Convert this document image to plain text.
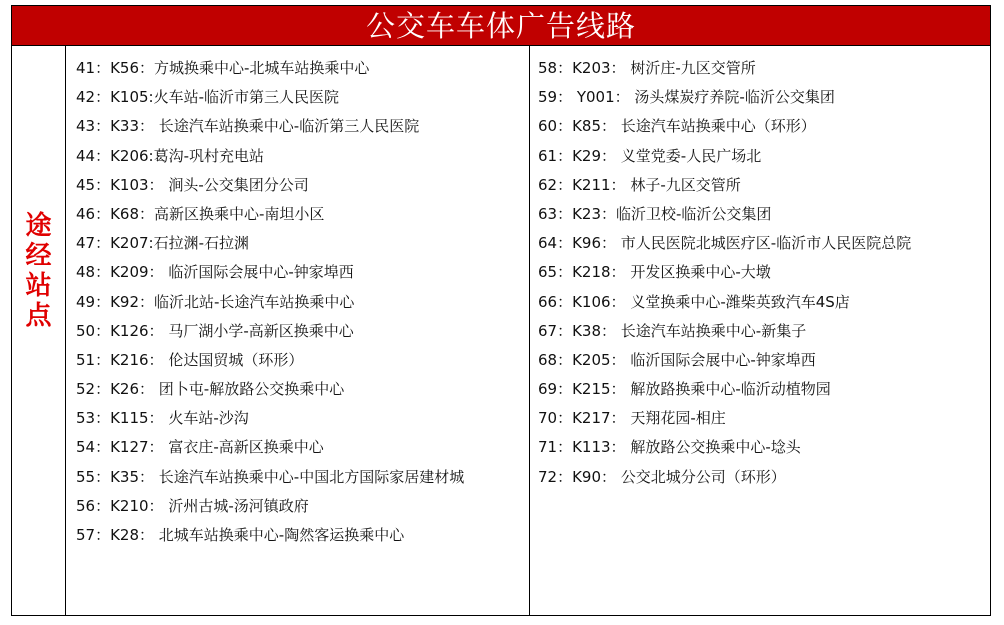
公交车车体广告线路
途
经
站
点
41：K56：方城换乘中心-北城车站换乘中心
42：K105:火车站-临沂市第三人民医院
43：K33： 长途汽车站换乘中心-临沂第三人民医院
44：K206:葛沟-巩村充电站
45：K103： 涧头-公交集团分公司
46：K68：高新区换乘中心-南坦小区
47：K207:石拉渊-石拉渊
48：K209： 临沂国际会展中心-钟家埠西
49：K92：临沂北站-长途汽车站换乘中心
50：K126： 马厂湖小学-高新区换乘中心
51：K216： 伦达国贸城（环形）
52：K26： 团卜屯-解放路公交换乘中心
53：K115： 火车站-沙沟
54：K127： 富衣庄-高新区换乘中心
55：K35： 长途汽车站换乘中心-中国北方国际家居建材城
56：K210： 沂州古城-汤河镇政府
57：K28： 北城车站换乘中心-陶然客运换乘中心
58：K203： 树沂庄-九区交管所
59： Y001： 汤头煤炭疗养院-临沂公交集团
60：K85： 长途汽车站换乘中心（环形）
61：K29： 义堂党委-人民广场北
62：K211： 林子-九区交管所
63：K23：临沂卫校-临沂公交集团
64：K96： 市人民医院北城医疗区-临沂市人民医院总院
65：K218： 开发区换乘中心-大墩
66：K106： 义堂换乘中心-潍柴英致汽车4S店
67：K38： 长途汽车站换乘中心-新集子
68：K205： 临沂国际会展中心-钟家埠西
69：K215： 解放路换乘中心-临沂动植物园
70：K217： 天翔花园-相庄
71：K113： 解放路公交换乘中心-埝头
72：K90： 公交北城分公司（环形）
